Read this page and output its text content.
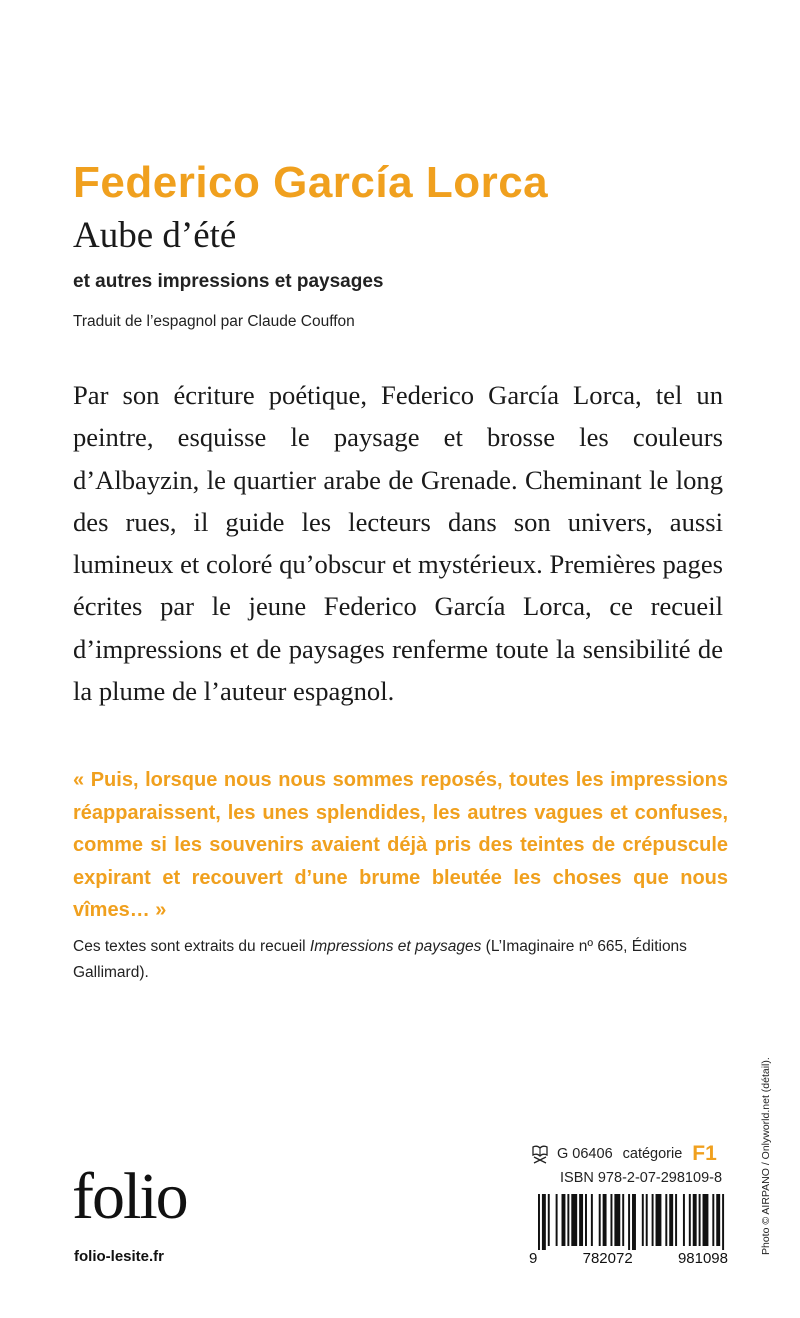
Federico García Lorca
Aube d’été
et autres impressions et paysages
Traduit de l’espagnol par Claude Couffon

Par son écriture poétique, Federico García Lorca, tel un peintre, esquisse le paysage et brosse les couleurs d’Albayzin, le quartier arabe de Grenade. Cheminant le long des rues, il guide les lecteurs dans son univers, aussi lumineux et coloré qu’obscur et mystérieux. Premières pages écrites par le jeune Federico García Lorca, ce recueil d’impressions et de paysages renferme toute la sensibilité de la plume de l’auteur espagnol.

« Puis, lorsque nous nous sommes reposés, toutes les impressions réapparaissent, les unes splendides, les autres vagues et confuses, comme si les souvenirs avaient déjà pris des teintes de crépuscule expirant et recouvert d’une brume bleutée les choses que nous vîmes… »

Ces textes sont extraits du recueil Impressions et paysages (L’Imaginaire nº 665, Éditions Gallimard).

folio
folio-lesite.fr
Photo © AIRPANO / Onlyworld.net (détail).
G 06406 catégorie F1
ISBN 978-2-07-298109-8
9	782072	981098
